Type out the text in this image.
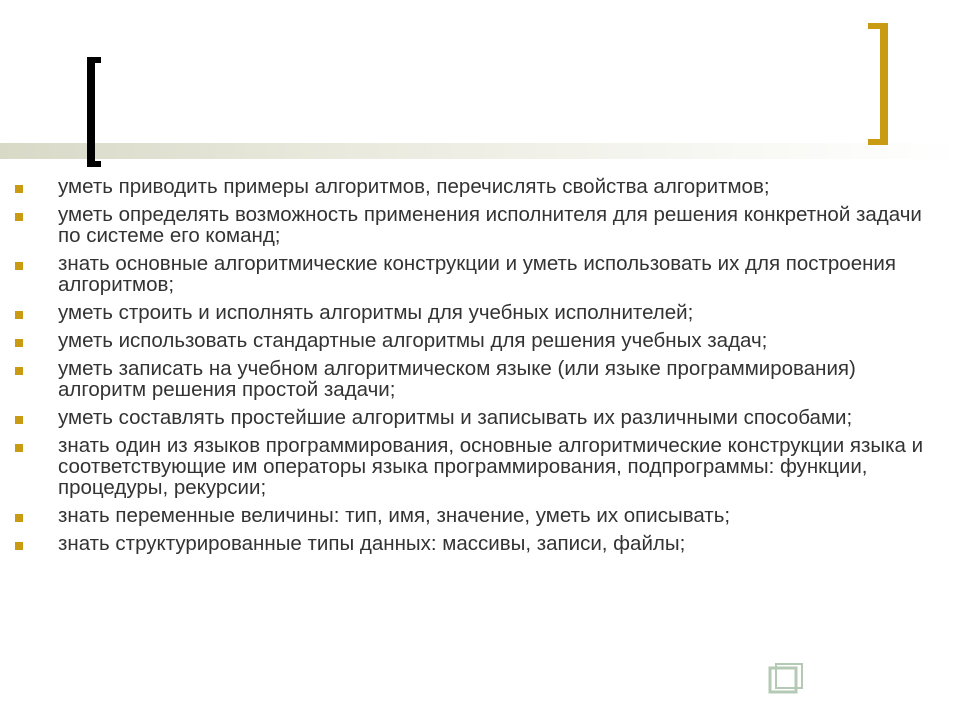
уметь приводить примеры алгоритмов, перечислять свойства алгоритмов;
уметь определять возможность применения исполнителя для решения конкретной задачи по системе его команд;
знать основные алгоритмические конструкции и уметь использовать их для построения алгоритмов;
уметь строить и исполнять алгоритмы для учебных исполнителей;
уметь использовать стандартные алгоритмы для решения учебных задач;
уметь записать на учебном алгоритмическом языке (или языке программирования) алгоритм решения простой задачи;
уметь составлять простейшие алгоритмы и записывать их различными способами;
знать один из языков программирования, основные алгоритмические конструкции языка и соответствующие им операторы языка программирования, подпрограммы: функции, процедуры, рекурсии;
знать переменные величины: тип, имя, значение, уметь их описывать;
знать структурированные типы данных: массивы, записи, файлы;
